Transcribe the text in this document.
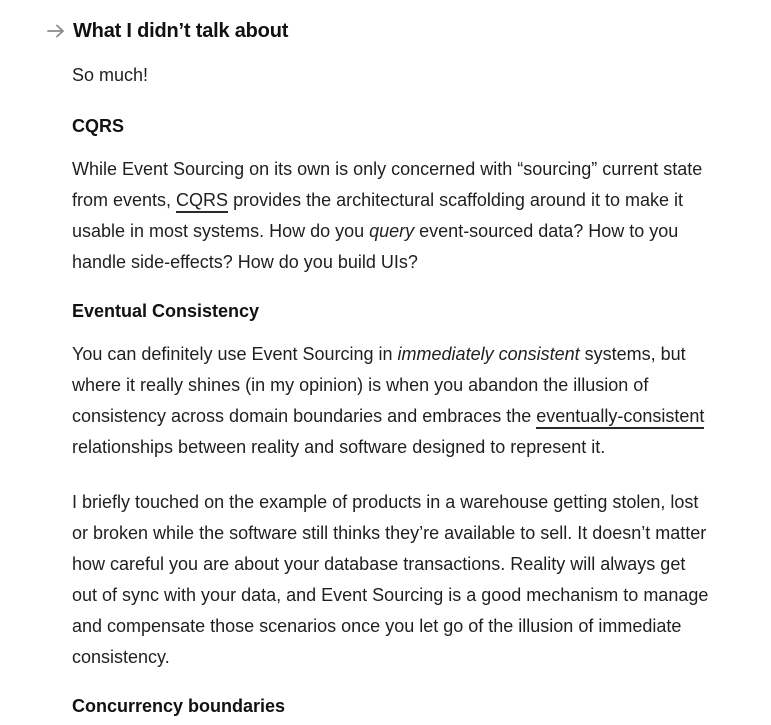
What I didn’t talk about

So much!

CQRS

While Event Sourcing on its own is only concerned with “sourcing” current state from events, CQRS provides the architectural scaffolding around it to make it usable in most systems. How do you query event-sourced data? How to you handle side-effects? How do you build UIs?

Eventual Consistency

You can definitely use Event Sourcing in immediately consistent systems, but where it really shines (in my opinion) is when you abandon the illusion of consistency across domain boundaries and embraces the eventually-consistent relationships between reality and software designed to represent it.

I briefly touched on the example of products in a warehouse getting stolen, lost or broken while the software still thinks they’re available to sell. It doesn’t matter how careful you are about your database transactions. Reality will always get out of sync with your data, and Event Sourcing is a good mechanism to manage and compensate those scenarios once you let go of the illusion of immediate consistency.

Concurrency boundaries
